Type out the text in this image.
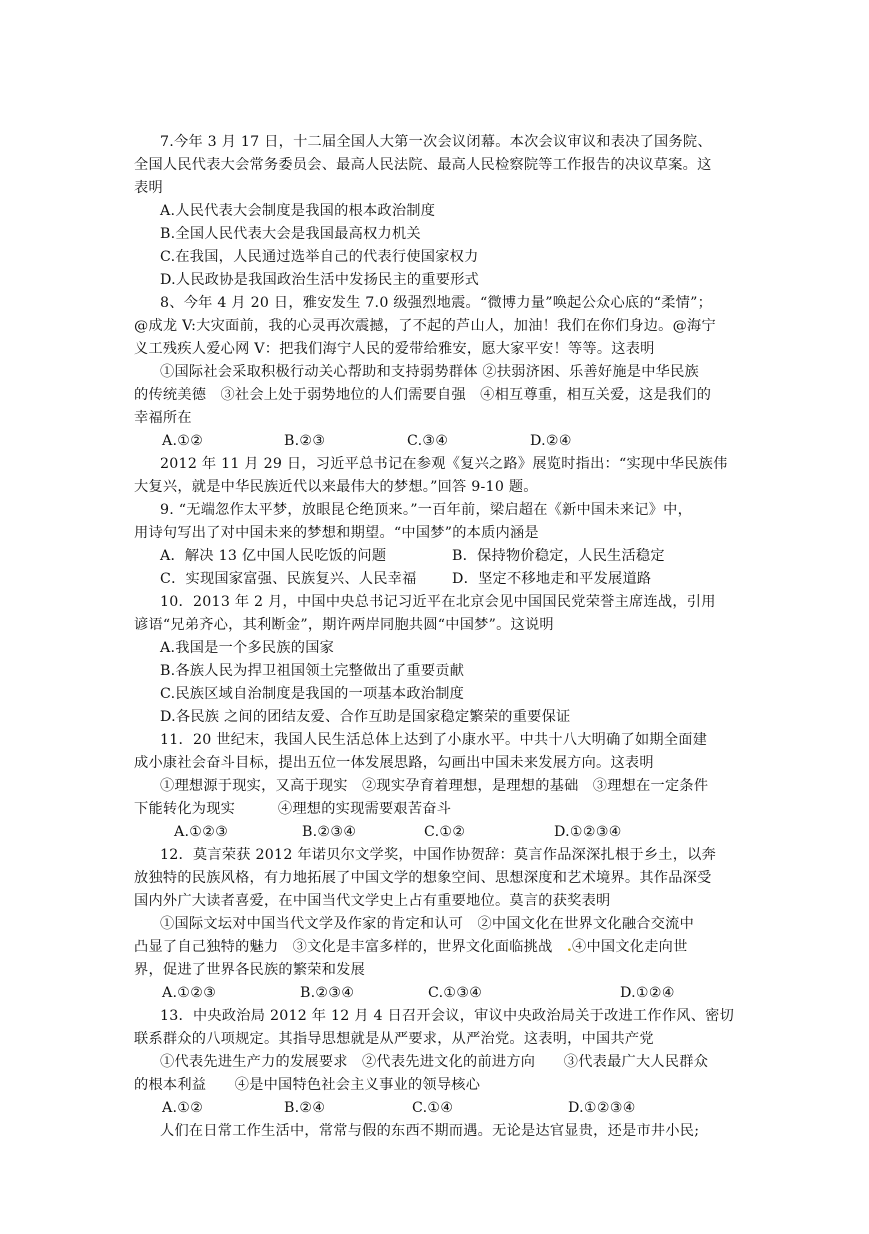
7.今年 3 月 17 日，十二届全国人大第一次会议闭幕。本次会议审议和表决了国务院、
全国人民代表大会常务委员会、最高人民法院、最高人民检察院等工作报告的决议草案。这
表明
A.人民代表大会制度是我国的根本政治制度
B.全国人民代表大会是我国最高权力机关
C.在我国，人民通过选举自己的代表行使国家权力
D.人民政协是我国政治生活中发扬民主的重要形式
8、今年 4 月 20 日，雅安发生 7.0 级强烈地震。“微博力量”唤起公众心底的“柔情”；
@成龙 V:大灾面前，我的心灵再次震撼，了不起的芦山人，加油！我们在你们身边。@海宁
义工残疾人爱心网 V：把我们海宁人民的爱带给雅安，愿大家平安！等等。这表明
①国际社会采取积极行动关心帮助和支持弱势群体 ②扶弱济困、乐善好施是中华民族
的传统美德   ③社会上处于弱势地位的人们需要自强   ④相互尊重，相互关爱，这是我们的
幸福所在

A.①②

	B.②③

	C.③④

	D.②④

2012 年 11 月 29 日，习近平总书记在参观《复兴之路》展览时指出：“实现中华民族伟
大复兴，就是中华民族近代以来最伟大的梦想。”回答 9-10 题。
9. “无端忽作太平梦，放眼昆仑绝顶来。”一百年前，梁启超在《新中国未来记》中，
用诗句写出了对中国未来的梦想和期望。“中国梦”的本质内涵是

A．解决 13 亿中国人民吃饭的问题

	B．保持物价稳定，人民生活稳定

C．实现国家富强、民族复兴、人民幸福

D．坚定不移地走和平发展道路

10．2013 年 2 月，中国中央总书记习近平在北京会见中国国民党荣誉主席连战，引用
谚语“兄弟齐心，其利断金”，期许两岸同胞共圆“中国梦”。这说明
A.我国是一个多民族的国家
B.各族人民为捍卫祖国领土完整做出了重要贡献
C.民族区域自治制度是我国的一项基本政治制度
D.各民族 之间的团结友爱、合作互助是国家稳定繁荣的重要保证
11．20 世纪末，我国人民生活总体上达到了小康水平。中共十八大明确了如期全面建
成小康社会奋斗目标，提出五位一体发展思路，勾画出中国未来发展方向。这表明
①理想源于现实，又高于现实   ②现实孕育着理想，是理想的基础   ③理想在一定条件
下能转化为现实         ④理想的实现需要艰苦奋斗

A.①②③

	B.②③④

	C.①②

	D.①②③④

12．莫言荣获 2012 年诺贝尔文学奖，中国作协贺辞：莫言作品深深扎根于乡土，以奔
放独特的民族风格，有力地拓展了中国文学的想象空间、思想深度和艺术境界。其作品深受
国内外广大读者喜爱，在中国当代文学史上占有重要地位。莫言的获奖表明
①国际文坛对中国当代文学及作家的肯定和认可   ②中国文化在世界文化融合交流中
凸显了自己独特的魅力   ③文化是丰富多样的，世界文化面临挑战   .④中国文化走向世
界，促进了世界各民族的繁荣和发展

A.①②③

	B.②③④

	C.①③④

	D.①②④

13．中央政治局 2012 年 12 月 4 日召开会议，审议中央政治局关于改进工作作风、密切
联系群众的八项规定。其指导思想就是从严要求，从严治党。这表明，中国共产党
①代表先进生产力的发展要求   ②代表先进文化的前进方向      ③代表最广大人民群众
的根本利益      ④是中国特色社会主义事业的领导核心

A.①②

	B.②④

	C.①④

	D.①②③④

人们在日常工作生活中，常常与假的东西不期而遇。无论是达官显贵，还是市井小民;
